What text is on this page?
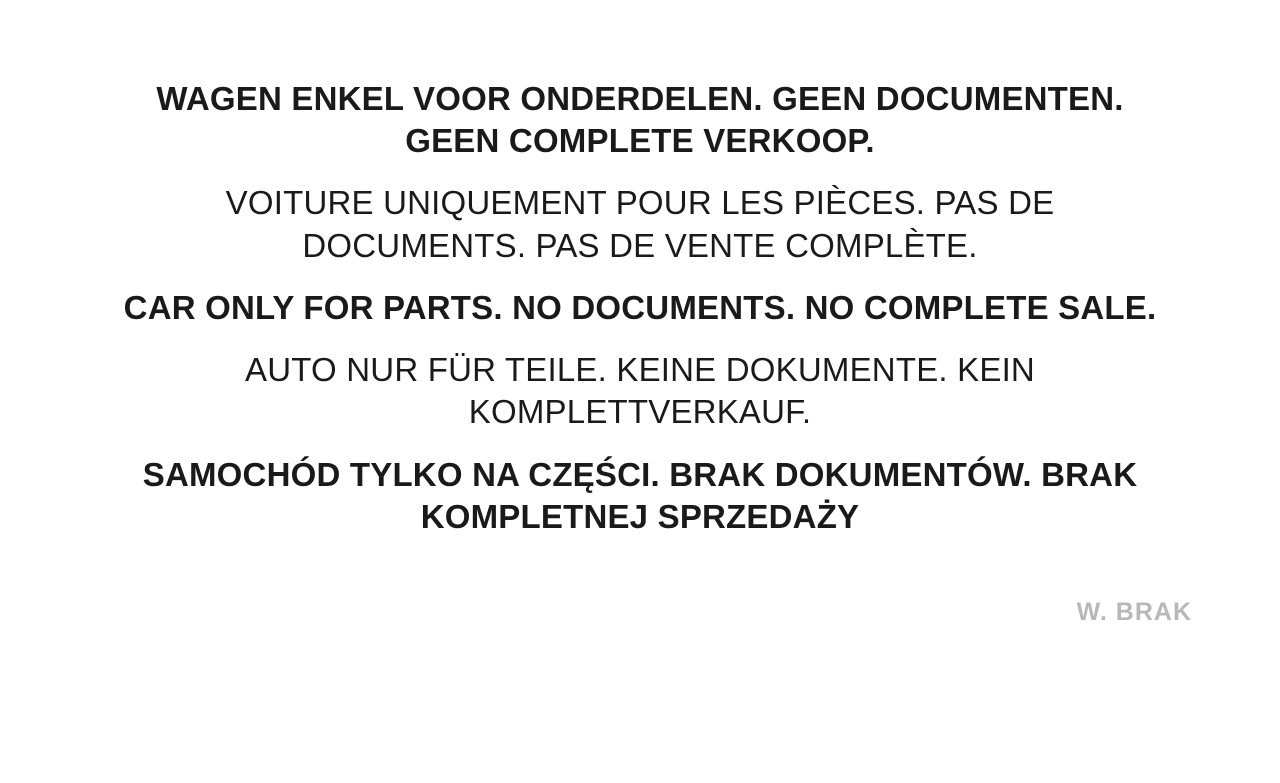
WAGEN ENKEL VOOR ONDERDELEN. GEEN DOCUMENTEN. GEEN COMPLETE VERKOOP.

VOITURE UNIQUEMENT POUR LES PIÈCES. PAS DE DOCUMENTS. PAS DE VENTE COMPLÈTE.

CAR ONLY FOR PARTS. NO DOCUMENTS. NO COMPLETE SALE.

AUTO NUR FÜR TEILE. KEINE DOKUMENTE. KEIN KOMPLETTVERKAUF.

SAMOCHÓD TYLKO NA CZĘŚCI. BRAK DOKUMENTÓW. BRAK KOMPLETNEJ SPRZEDAŻY

W. BRAK
